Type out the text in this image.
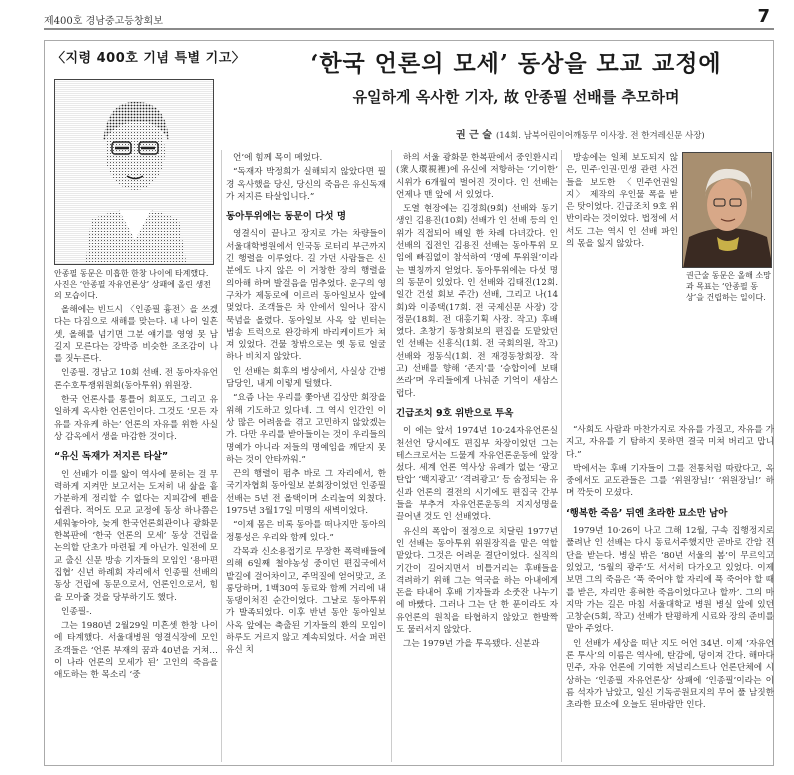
제400호 경남중고등창회보	7
〈지령 400호 기념 특별 기고〉	‘한국 언론의 모세’ 동상을 모교 교정에
유일하게 옥사한 기자, 故 안종필 선배를 추모하며
권 근 술 (14회. 남북어린이어깨동무 이사장. 전 한겨레신문 사장)
안종필 동문은 미흡한 한창 나이에 타계했다. 사진은 ‘안종필 자유언론상’ 상패에 올린 생전의 모습이다.
권근술 동문은 올해 소망과 목표는 ‘안종필 동상’을 건립하는 일이다.

올해에는 빈드시 〈인종필 흉전〉을 쓰겠다는 다짐으로 새해를 맞는다. 내 나이 일흔셋, 올해를 넘기면 그분 얘기를 영영 못 남길지 모른다는 강박증 비슷한 조조감이 나를 짓누른다.

인종필. 경남고 10회 선배. 전 동아자유언론수호투쟁위원회(동아투위) 위원장.

한국 언론사를 통틀어 회포도, 그리고 유일하게 옥사한 언론인이다. 그것도 ‘모든 자유를 자유케 하는’ 언론의 자유를 위한 사실상 감옥에서 생을 마감한 것이다.

“유신 독재가 저지른 타살”

인 선배가 이를 앓이 역사에 묻히는 걸 무력하게 지켜만 보고서는 도저히 내 삶을 흩가분하게 정리할 수 없다는 지피감에 펜을 쉽쥔다. 적어도 모교 교정에 동상 하나쯤은 세워놓아야, 늦게 한국언론회관이나 광화문 한복판에 ‘한국 언론의 모세’ 동상 건립을 논의할 단초가 마련될 게 아닌가. 일전에 모교 출신 신문 방송 기자들의 모임인 ‘용마편집협’ 신년 하례회 자리에서 인종필 선배의 동상 건립에 동문으로서, 언론인으로서, 힘을 모아줄 것을 당부하기도 했다.

인종필-.

그는 1980년 2월29일 미흔셋 한창 나이에 타계했다. 서울대병원 영결식장에 모인 조객들은 ‘언론 부재의 꿈과 40년을 거쳐…이 나라 언론의 모세가 된’ 고인의 죽음을 애도하는 한 목소리 ‘중

언’에 힘께 목이 메었다.

“독재자 박정희가 실해되지 않았다면 필경 옥사했을 당신, 당신의 죽음은 유신독재가 저지른 타살입니다.”

동아투위에는 동문이 다섯 명

영결식이 끝나고 장지로 가는 차량들이 서울대학병원에서 인국동 로터리 부근까지 긴 행렬을 이루었다. 길 가던 사람들은 신분에도 나지 않은 이 거창한 장의 행렬을 의아해 하며 발걸음을 멈추었다. 운구의 영구차가 제동로에 이르러 동아일보사 앞에 멎었다. 조객들은 차 안에서 일어나 잠시 묵념을 올렸다. 동아일보 사옥 앞 빈터는 범송 트럭으로 완강하게 바리케이트가 쳐져 있었다. 건물 창밖으로는 옛 동료 얼굴 하나 비치지 않았다.

인 선배는 회후의 병상에서, 사실상 간병 담당인, 내게 이렇게 털했다.

“요즘 나는 우리를 쫓아낸 김상만 회장을 위해 기도하고 있다네. 그 역시 인간인 이상 많은 어려움을 겪고 고민하지 않았겠는가. 다만 우리를 받아들이는 것이 우리들의 명예가 아니라 저들의 명예임을 깨닫지 못하는 것이 안타까워.”

끈의 행렬이 펌추 바로 그 자리에서, 한국기자협회 동아일보 분회장이었던 인종필 선배는 5년 전 올택이며 소리높여 외쳤다. 1975년 3월17일 미명의 새벽이었다.

“이제 몸은 비록 동아를 떠나지만 동아의 정통성은 우리와 함께 있다.”

각목과 신소용접기로 무장한 폭력배들에 의해 6일째 철야농성 중이던 편집국에서 밭길에 걸어차이고, 주먹질에 얻어맞고, 조롱당하며, 1백30여 동료와 함께 거리에 내동댕이처진 순간이었다. 그날로 동아투위가 발족되었다. 이후 반년 동안 동아일보 사옥 앞에는 축출된 기자들의 환의 모임이 하루도 거르지 않고 계속되었다. 서슬 퍼런 유신 치

하의 서울 광화문 한복판에서 중인환시리(衆人環視裡)에 유신에 저항하는 ‘기이한’ 시위가 6개월여 벌어진 것이다. 인 선배는 언제나 맨 앞에 서 있었다.

도열 현장에는 김경희(9회) 선배와 동기생인 김용진(10회) 선배가 인 선배 등의 인위가 직접되어 배일 한 차례 다녀갔다. 인 선배의 집전인 김용진 선배는 동아투위 모임에 빠짐없이 참석하여 ‘명예 투위원’이라는 별칭까지 얻었다. 동아투위에는 다섯 명의 동문이 있었다. 인 선배와 김태진(12회. 일간 건설 회보 주간) 선배, 그리고 나(14회)와 이종택(17회. 전 국제신문 사장) 강정문(18회. 전 대홍기획 사장. 작고) 후배였다. 초창기 동창회보의 편집을 도맡았던 인 선배는 신흥식(1회. 전 국회의원, 작고) 선배와 정동식(1회. 전 재경동창회장. 작고) 선배를 향해 ‘존지’를 ‘승합이에 보태 쓰라’며 우리들에게 나눠준 기억이 새삼스럽다.

긴급조치 9호 위반으로 투옥

이 에는 앞서 1974년 10·24자유언론실천선언 당시에도 편집부 차장이었던 그는 테스크로서는 드물게 자유언론운동에 앞장섰다. 세계 언론 역사상 유례가 없는 ‘광고탄압’ ‘백지광고’ ‘격려광고’ 등 숨정되는 유신과 언론의 결전의 시기에도 편집국 간부들을 부추겨 자유언론운동의 지지성명을 끌어낸 것도 인 선배였다.

유신의 폭압이 절정으로 치달린 1977년 인 선배는 동아투위 위원장직을 맡은 역할 맡았다. 그것은 어려운 결단이었다. 실직의 기간이 길어지면서 비틀거리는 후배들을 격려하기 위해 그는 역국을 하는 아내에게 돈을 타내어 후배 기자들과 소줏잔 나누기에 바빴다. 그러나 그는 단 한 푼이라도 자유언론의 원칙을 타협하지 않았고 한발짝도 물러서지 않았다.

그는 1979년 가을 투옥됐다. 신분과

방송에는 일체 보도되지 않은, 민주·인권·민생 관련 사건들을 보도한 〈민주언권일지〉 제작의 우인물 폭을 받은 탓이었다. 긴급조치 9호 위반이라는 것이었다. 법정에 서서도 그는 역시 인 선배 파인의 몫을 잃지 않았다.

“사회도 사람과 마찬가지로 자유를 가질고, 자유를 가지고, 자유를 기 탐하지 못하면 결국 미쳐 버리고 맙니다.”

박에서는 후배 기자들이 그를 전통처럼 따랐다고, 옥중에서도 교도관들은 그를 ‘위원장님!’ ‘위원장님!’ 하며 깍듯이 모셨다.

‘행복한 죽음’ 뒤엔 초라한 묘소만 남아

1979년 10·26이 나고 그해 12월, 구속 집행정지로 풀려난 인 선배는 다시 동료서주했지만 곧바로 간암 진단을 받는다. 병실 밖은 ‘80년 서울의 봄’이 무르익고 있었고, ‘5월의 광주’도 서서히 다가오고 있었다. 이제 보면 그의 죽음은 ‘푹 죽어야 할 자리에 푹 죽어야 할 때를 받은, 자리만 흥혀한 죽음이었다고나 할까’. 그의 마지막 가는 길은 마침 서울대학교 병원 병실 앞에 있던 고창순(5회, 작고) 선배가 탄평하게 시료와 장의 준비를 맡아 주었다.

인 선배가 세상을 떠난 지도 어언 34년. 이제 ‘자유언론 투사’의 이름은 역사에, 탄감에, 덩이져 간다. 해마다 민주, 자유 언론에 기여한 저널리스트나 언론단체에 시상하는 ‘인종필 자유언론상’ 상패에 ‘인종필’이라는 이름 석자가 남았고, 일신 기독공원묘지의 무어 풀 남짓한 초라한 묘소에 오늘도 된바람만 인다.
